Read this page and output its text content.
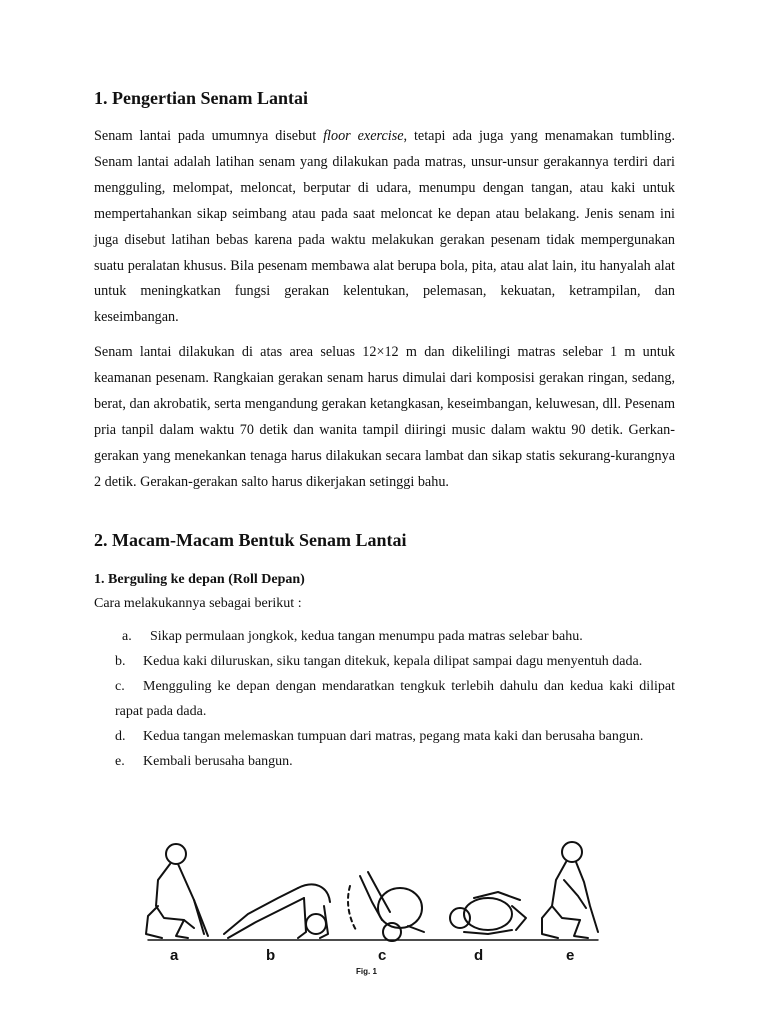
1. Pengertian Senam Lantai

Senam lantai pada umumnya disebut floor exercise, tetapi ada juga yang menamakan tumbling. Senam lantai adalah latihan senam yang dilakukan pada matras, unsur-unsur gerakannya terdiri dari mengguling, melompat, meloncat, berputar di udara, menumpu dengan tangan, atau kaki untuk mempertahankan sikap seimbang atau pada saat meloncat ke depan atau belakang. Jenis senam ini juga disebut latihan bebas karena pada waktu melakukan gerakan pesenam tidak mempergunakan suatu peralatan khusus. Bila pesenam membawa alat berupa bola, pita, atau alat lain, itu hanyalah alat untuk meningkatkan fungsi gerakan kelentukan, pelemasan, kekuatan, ketrampilan, dan keseimbangan.

Senam lantai dilakukan di atas area seluas 12×12 m dan dikelilingi matras selebar 1 m untuk keamanan pesenam. Rangkaian gerakan senam harus dimulai dari komposisi gerakan ringan, sedang, berat, dan akrobatik, serta mengandung gerakan ketangkasan, keseimbangan, keluwesan, dll. Pesenam pria tanpil dalam waktu 70 detik dan wanita tampil diiringi music dalam waktu 90 detik. Gerkan-gerakan yang menekankan tenaga harus dilakukan secara lambat dan sikap statis sekurang-kurangnya 2 detik. Gerakan-gerakan salto harus dikerjakan setinggi bahu.

2. Macam-Macam Bentuk Senam Lantai

1. Berguling ke depan (Roll Depan)

Cara melakukannya sebagai berikut :

a. Sikap permulaan jongkok, kedua tangan menumpu pada matras selebar bahu.

b. Kedua kaki diluruskan, siku tangan ditekuk, kepala dilipat sampai dagu menyentuh dada.

c. Mengguling ke depan dengan mendaratkan tengkuk terlebih dahulu dan kedua kaki dilipat rapat pada dada.

d. Kedua tangan melemaskan tumpuan dari matras, pegang mata kaki dan berusaha bangun.

e. Kembali berusaha bangun.

a	b	c	d	e
Fig. 1
